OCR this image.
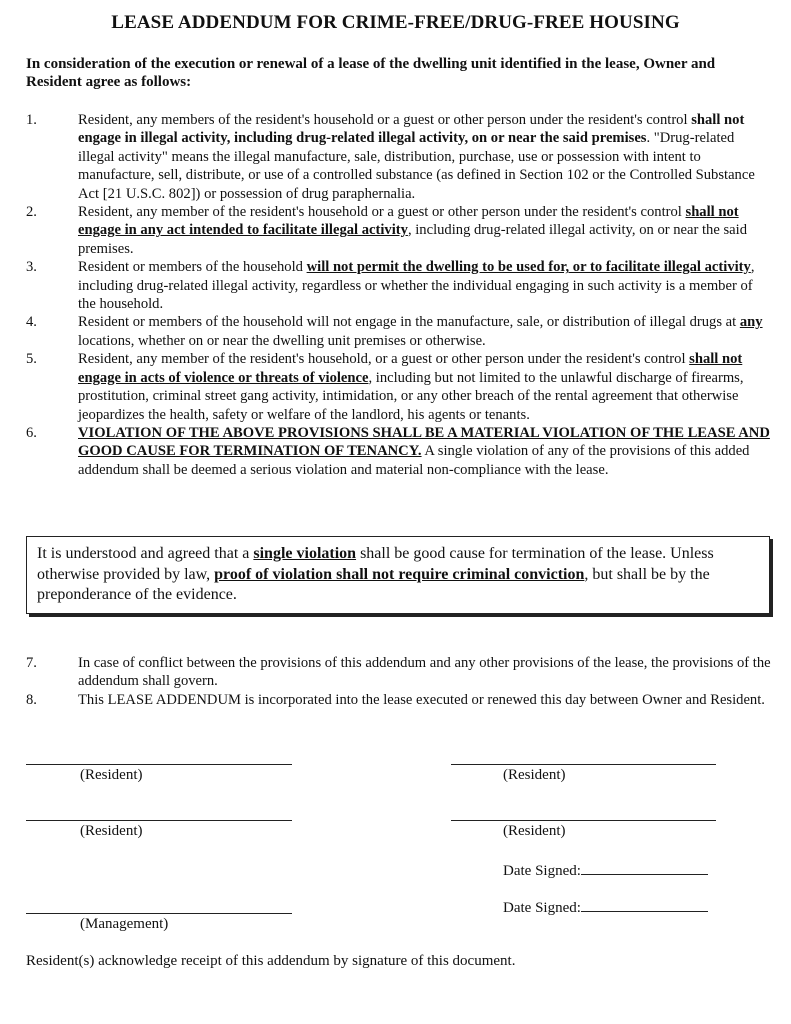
LEASE ADDENDUM FOR CRIME-FREE/DRUG-FREE HOUSING
In consideration of the execution or renewal of a lease of the dwelling unit identified in the lease, Owner and Resident agree as follows:
1.	Resident, any members of the resident's household or a guest or other person under the resident's control shall not engage in illegal activity, including drug-related illegal activity, on or near the said premises. "Drug-related illegal activity" means the illegal manufacture, sale, distribution, purchase, use or possession with intent to manufacture, sell, distribute, or use of a controlled substance (as defined in Section 102 or the Controlled Substance Act [21 U.S.C. 802]) or possession of drug paraphernalia.
2.	Resident, any member of the resident's household or a guest or other person under the resident's control shall not engage in any act intended to facilitate illegal activity, including drug-related illegal activity, on or near the said premises.
3.	Resident or members of the household will not permit the dwelling to be used for, or to facilitate illegal activity, including drug-related illegal activity, regardless or whether the individual engaging in such activity is a member of the household.
4.	Resident or members of the household will not engage in the manufacture, sale, or distribution of illegal drugs at any locations, whether on or near the dwelling unit premises or otherwise.
5.	Resident, any member of the resident's household, or a guest or other person under the resident's control shall not engage in acts of violence or threats of violence, including but not limited to the unlawful discharge of firearms, prostitution, criminal street gang activity, intimidation, or any other breach of the rental agreement that otherwise jeopardizes the health, safety or welfare of the landlord, his agents or tenants.
6.	VIOLATION OF THE ABOVE PROVISIONS SHALL BE A MATERIAL VIOLATION OF THE LEASE AND GOOD CAUSE FOR TERMINATION OF TENANCY. A single violation of any of the provisions of this added addendum shall be deemed a serious violation and material non-compliance with the lease.
It is understood and agreed that a single violation shall be good cause for termination of the lease. Unless otherwise provided by law, proof of violation shall not require criminal conviction, but shall be by the preponderance of the evidence.
7.	In case of conflict between the provisions of this addendum and any other provisions of the lease, the provisions of the addendum shall govern.
8.	This LEASE ADDENDUM is incorporated into the lease executed or renewed this day between Owner and Resident.
(Resident)	(Resident)
(Resident)	(Resident)
Date Signed:
Date Signed:
(Management)
Resident(s) acknowledge receipt of this addendum by signature of this document.
